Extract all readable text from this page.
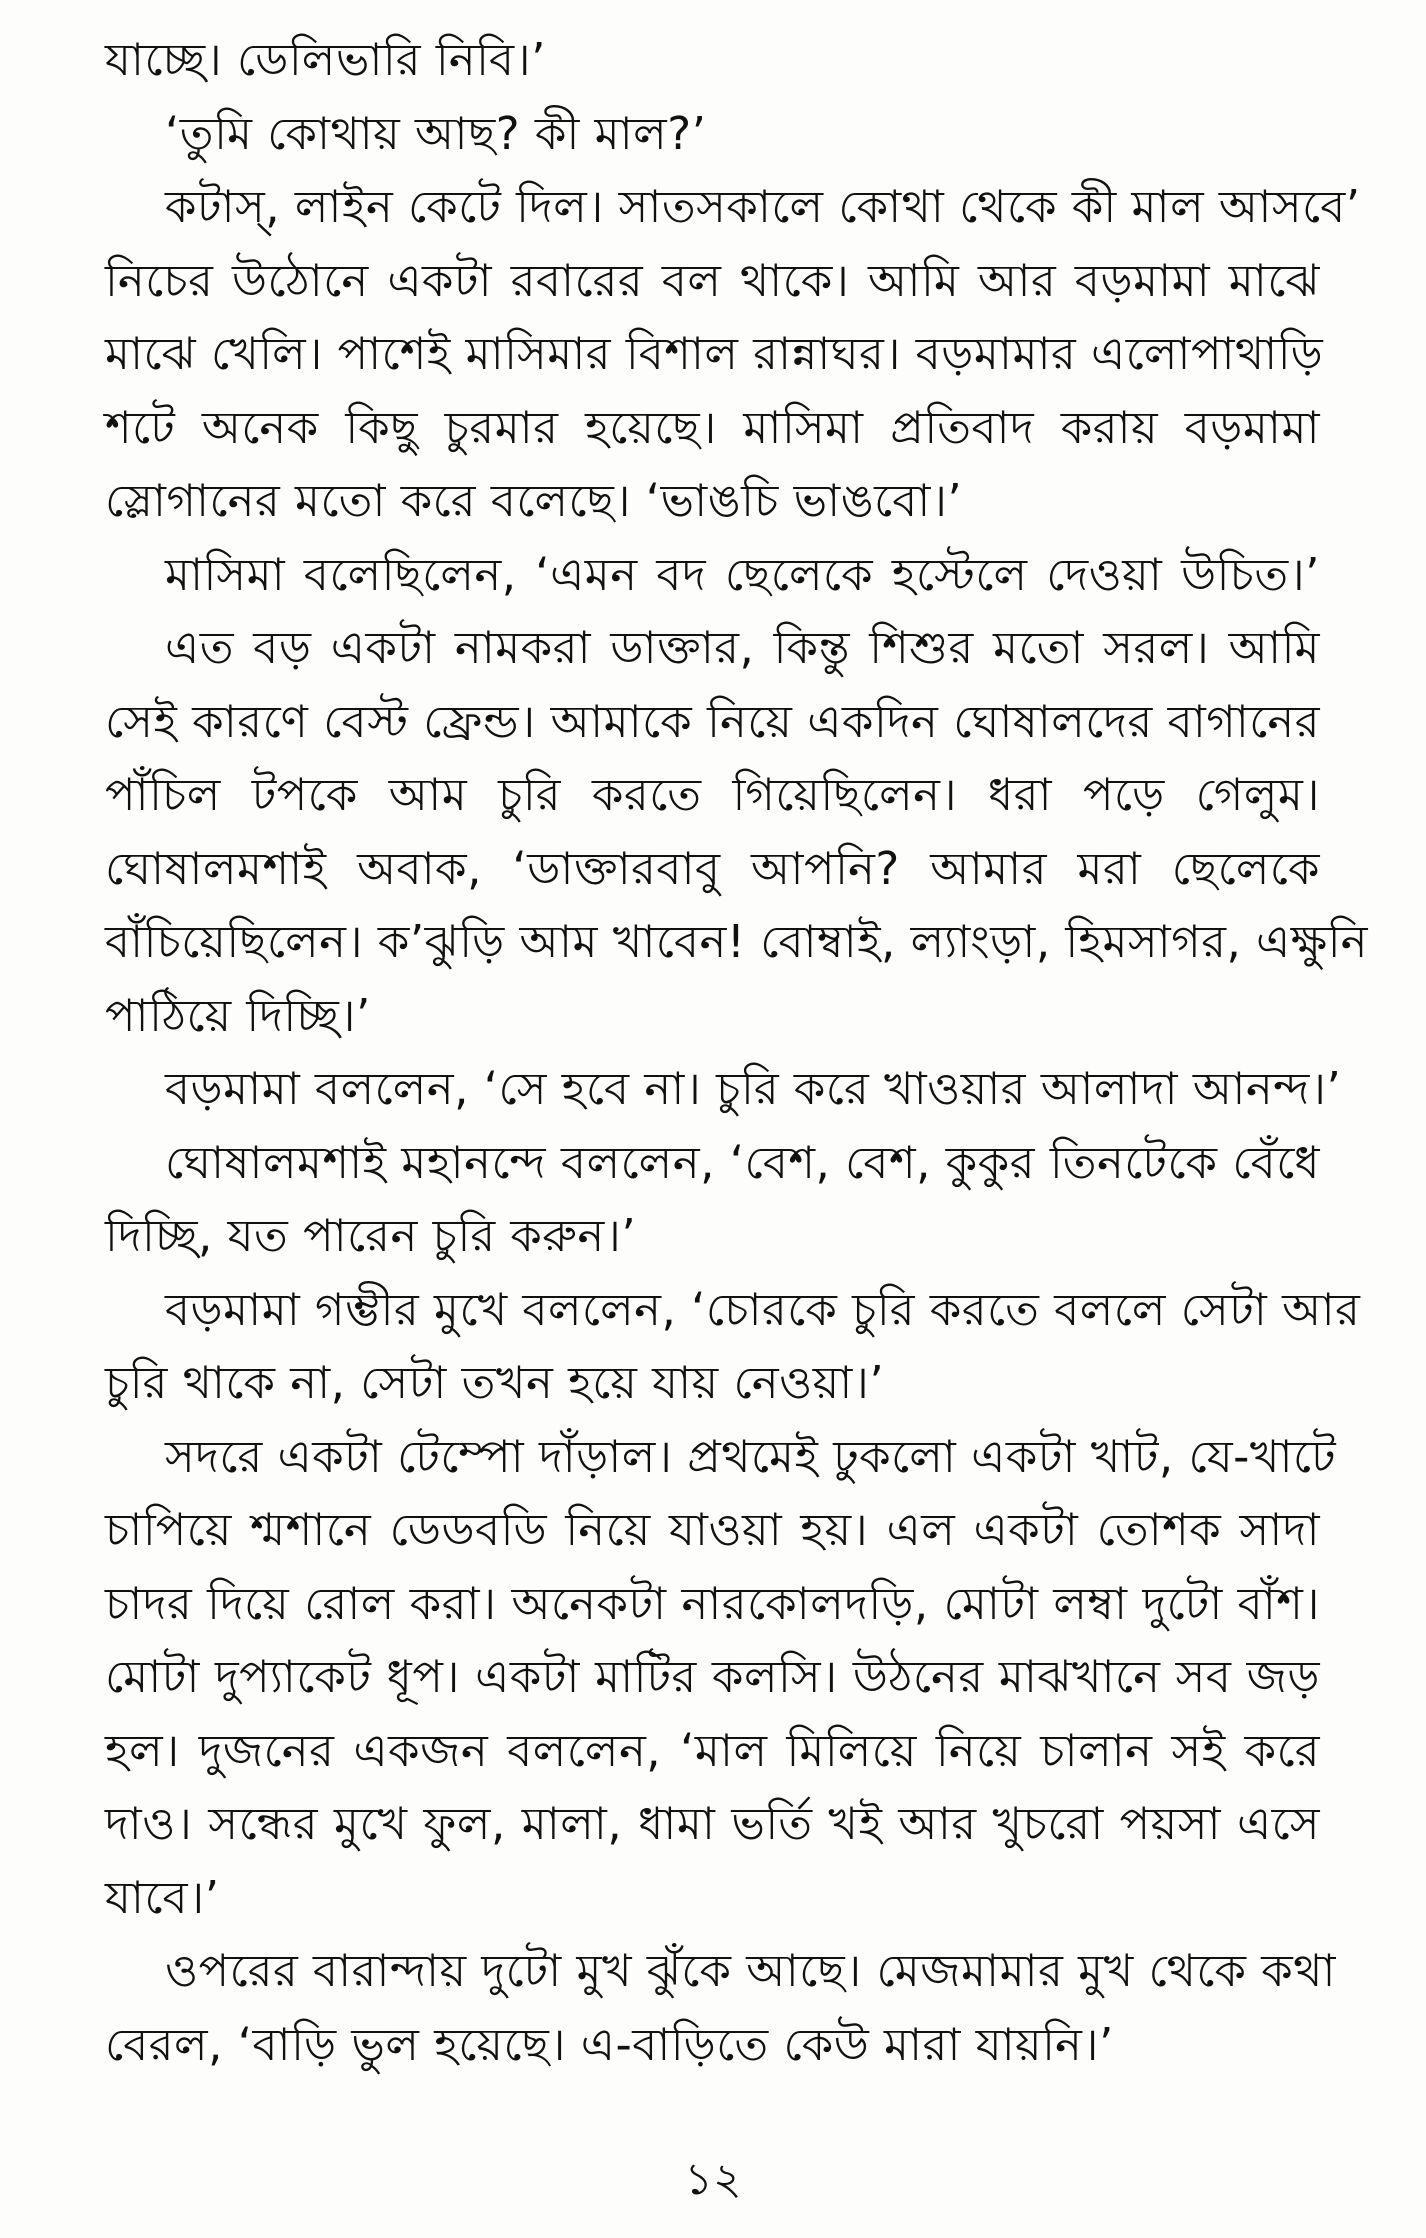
যাচ্ছে। ডেলিভারি নিবি।’
‘তুমি কোথায় আছ? কী মাল?’
কটাস্, লাইন কেটে দিল। সাতসকালে কোথা থেকে কী মাল আসবে’
নিচের উঠোনে একটা রবারের বল থাকে। আমি আর বড়মামা মাঝে
মাঝে খেলি। পাশেই মাসিমার বিশাল রান্নাঘর। বড়মামার এলোপাথাড়ি
শটে অনেক কিছু চুরমার হয়েছে। মাসিমা প্রতিবাদ করায় বড়মামা
স্লোগানের মতো করে বলেছে। ‘ভাঙচি ভাঙবো।’
মাসিমা বলেছিলেন, ‘এমন বদ ছেলেকে হস্টেলে দেওয়া উচিত।’
এত বড় একটা নামকরা ডাক্তার, কিন্তু শিশুর মতো সরল। আমি
সেই কারণে বেস্ট ফ্রেন্ড। আমাকে নিয়ে একদিন ঘোষালদের বাগানের
পাঁচিল টপকে আম চুরি করতে গিয়েছিলেন। ধরা পড়ে গেলুম।
ঘোষালমশাই অবাক, ‘ডাক্তারবাবু আপনি? আমার মরা ছেলেকে
বাঁচিয়েছিলেন। ক’ঝুড়ি আম খাবেন! বোম্বাই, ল্যাংড়া, হিমসাগর, এক্ষুনি
পাঠিয়ে দিচ্ছি।’
বড়মামা বললেন, ‘সে হবে না। চুরি করে খাওয়ার আলাদা আনন্দ।’
ঘোষালমশাই মহানন্দে বললেন, ‘বেশ, বেশ, কুকুর তিনটেকে বেঁধে
দিচ্ছি, যত পারেন চুরি করুন।’
বড়মামা গম্ভীর মুখে বললেন, ‘চোরকে চুরি করতে বললে সেটা আর
চুরি থাকে না, সেটা তখন হয়ে যায় নেওয়া।’
সদরে একটা টেম্পো দাঁড়াল। প্রথমেই ঢুকলো একটা খাট, যে-খাটে
চাপিয়ে শ্মশানে ডেডবডি নিয়ে যাওয়া হয়। এল একটা তোশক সাদা
চাদর দিয়ে রোল করা। অনেকটা নারকোলদড়ি, মোটা লম্বা দুটো বাঁশ।
মোটা দুপ্যাকেট ধূপ। একটা মাটির কলসি। উঠনের মাঝখানে সব জড়
হল। দুজনের একজন বললেন, ‘মাল মিলিয়ে নিয়ে চালান সই করে
দাও। সন্ধের মুখে ফুল, মালা, ধামা ভর্তি খই আর খুচরো পয়সা এসে
যাবে।’
ওপরের বারান্দায় দুটো মুখ ঝুঁকে আছে। মেজমামার মুখ থেকে কথা
বেরল, ‘বাড়ি ভুল হয়েছে। এ-বাড়িতে কেউ মারা যায়নি।’
১২
